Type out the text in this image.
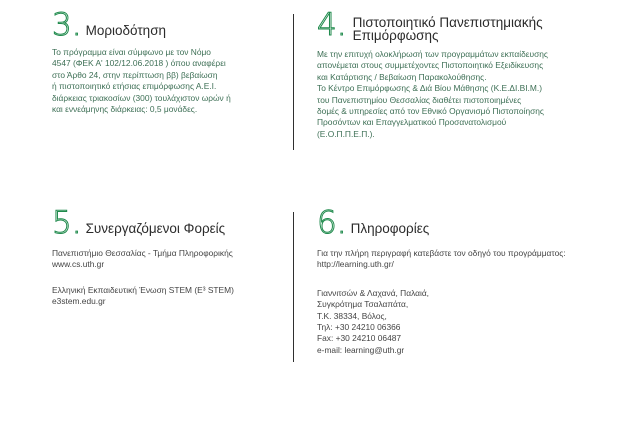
3. Μοριοδότηση
Το πρόγραμμα είναι σύμφωνο με τον Νόμο
4547 (ΦΕΚ Α' 102/12.06.2018 ) όπου αναφέρει
στο Άρθο 24, στην περίπτωση ββ) βεβαίωση
ή πιστοποιητικό ετήσιας επιμόρφωσης Α.Ε.Ι.
διάρκειας τριακοσίων (300) τουλάχιστον ωρών ή
και εννεάμηνης διάρκειας: 0,5 μονάδες.
4. Πιστοποιητικό Πανεπιστημιακής
Επιμόρφωσης
Με την επιτυχή ολοκλήρωσή των προγραμμάτων εκπαίδευσης
απονέμεται στους συμμετέχοντες Πιστοποιητικό Εξειδίκευσης
και Κατάρτισης / Βεβαίωση Παρακολούθησης.
Το Κέντρο Επιμόρφωσης & Διά Βίου Μάθησης (Κ.Ε.ΔΙ.ΒΙ.Μ.)
του Πανεπιστημίου Θεσσαλίας διαθέτει πιστοποιημένες
δομές & υπηρεσίες από τον Εθνικό Οργανισμό Πιστοποίησης
Προσόντων και Επαγγελματικού Προσανατολισμού
(Ε.Ο.Π.Π.Ε.Π.).
5. Συνεργαζόμενοι Φορείς

Πανεπιστήμιο Θεσσαλίας - Τμήμα Πληροφορικής
www.cs.uth.gr

Ελληνική Εκπαιδευτική Ένωση STEM (E³ STEM)
e3stem.edu.gr

6. Πληροφορίες

Για την πλήρη περιγραφή κατεβάστε τον οδηγό του προγράμματος:
http://learning.uth.gr/

Γιαννιτσών & Λαχανά, Παλαιά,
Συγκρότημα Τσαλαπάτα,
Τ.Κ. 38334, Βόλος,
Τηλ: +30 24210 06366
Fax: +30 24210 06487
e-mail: learning@uth.gr
